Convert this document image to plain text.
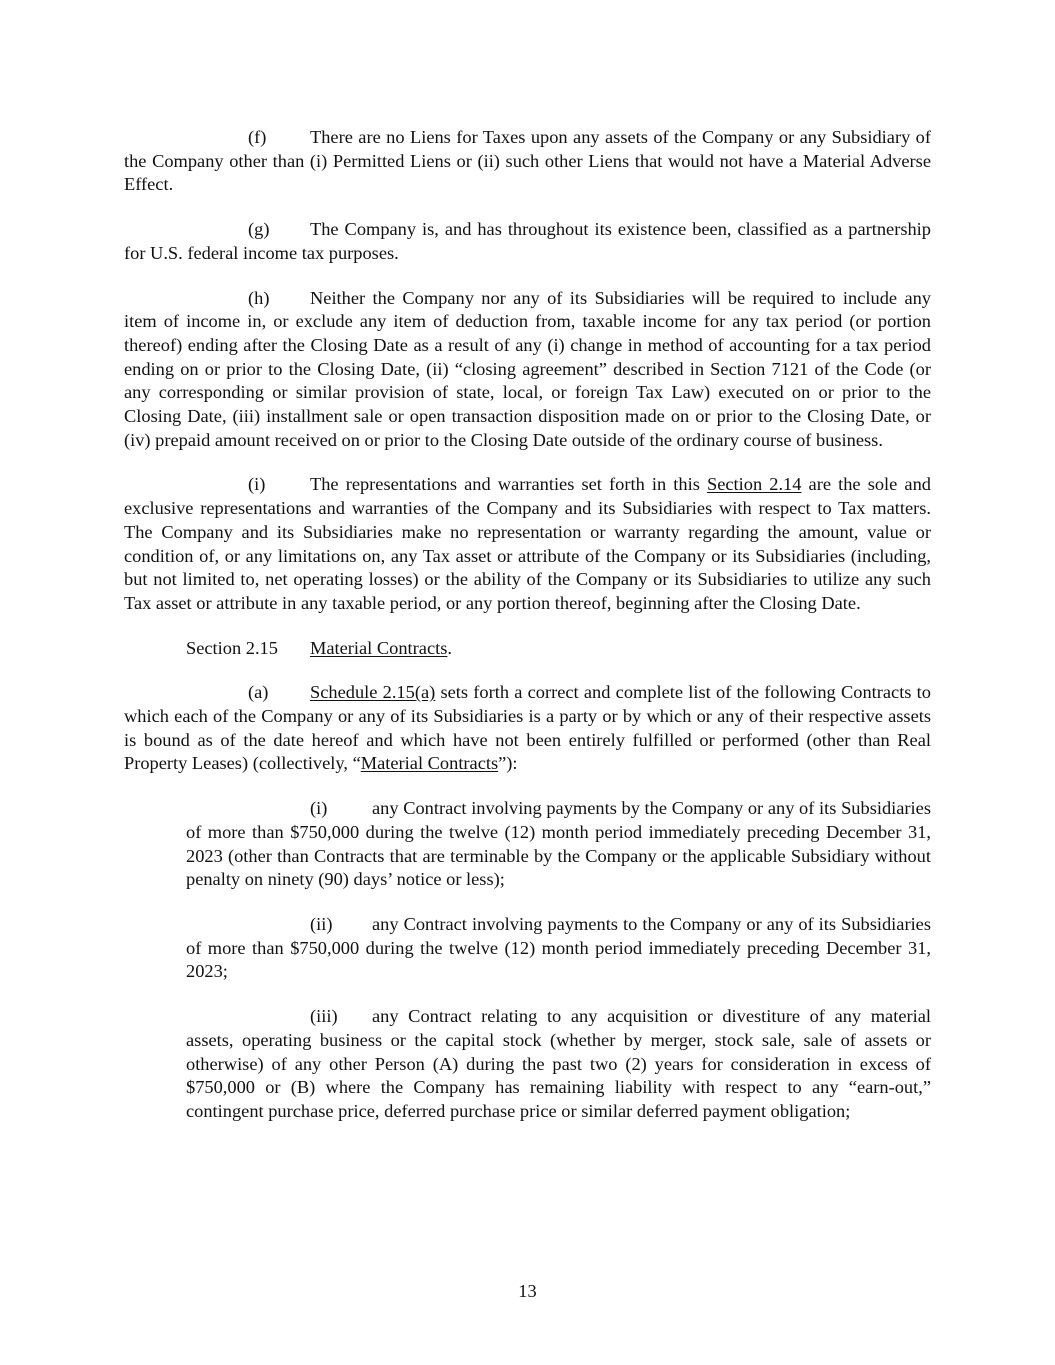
(f) There are no Liens for Taxes upon any assets of the Company or any Subsidiary of the Company other than (i) Permitted Liens or (ii) such other Liens that would not have a Material Adverse Effect.

(g) The Company is, and has throughout its existence been, classified as a partnership for U.S. federal income tax purposes.

(h) Neither the Company nor any of its Subsidiaries will be required to include any item of income in, or exclude any item of deduction from, taxable income for any tax period (or portion thereof) ending after the Closing Date as a result of any (i) change in method of accounting for a tax period ending on or prior to the Closing Date, (ii) “closing agreement” described in Section 7121 of the Code (or any corresponding or similar provision of state, local, or foreign Tax Law) executed on or prior to the Closing Date, (iii) installment sale or open transaction disposition made on or prior to the Closing Date, or (iv) prepaid amount received on or prior to the Closing Date outside of the ordinary course of business.

(i) The representations and warranties set forth in this Section 2.14 are the sole and exclusive representations and warranties of the Company and its Subsidiaries with respect to Tax matters. The Company and its Subsidiaries make no representation or warranty regarding the amount, value or condition of, or any limitations on, any Tax asset or attribute of the Company or its Subsidiaries (including, but not limited to, net operating losses) or the ability of the Company or its Subsidiaries to utilize any such Tax asset or attribute in any taxable period, or any portion thereof, beginning after the Closing Date.

Section 2.15 Material Contracts.

(a) Schedule 2.15(a) sets forth a correct and complete list of the following Contracts to which each of the Company or any of its Subsidiaries is a party or by which or any of their respective assets is bound as of the date hereof and which have not been entirely fulfilled or performed (other than Real Property Leases) (collectively, “Material Contracts”):

(i) any Contract involving payments by the Company or any of its Subsidiaries of more than $750,000 during the twelve (12) month period immediately preceding December 31, 2023 (other than Contracts that are terminable by the Company or the applicable Subsidiary without penalty on ninety (90) days’ notice or less);

(ii) any Contract involving payments to the Company or any of its Subsidiaries of more than $750,000 during the twelve (12) month period immediately preceding December 31, 2023;

(iii) any Contract relating to any acquisition or divestiture of any material assets, operating business or the capital stock (whether by merger, stock sale, sale of assets or otherwise) of any other Person (A) during the past two (2) years for consideration in excess of $750,000 or (B) where the Company has remaining liability with respect to any “earn-out,” contingent purchase price, deferred purchase price or similar deferred payment obligation;

13
